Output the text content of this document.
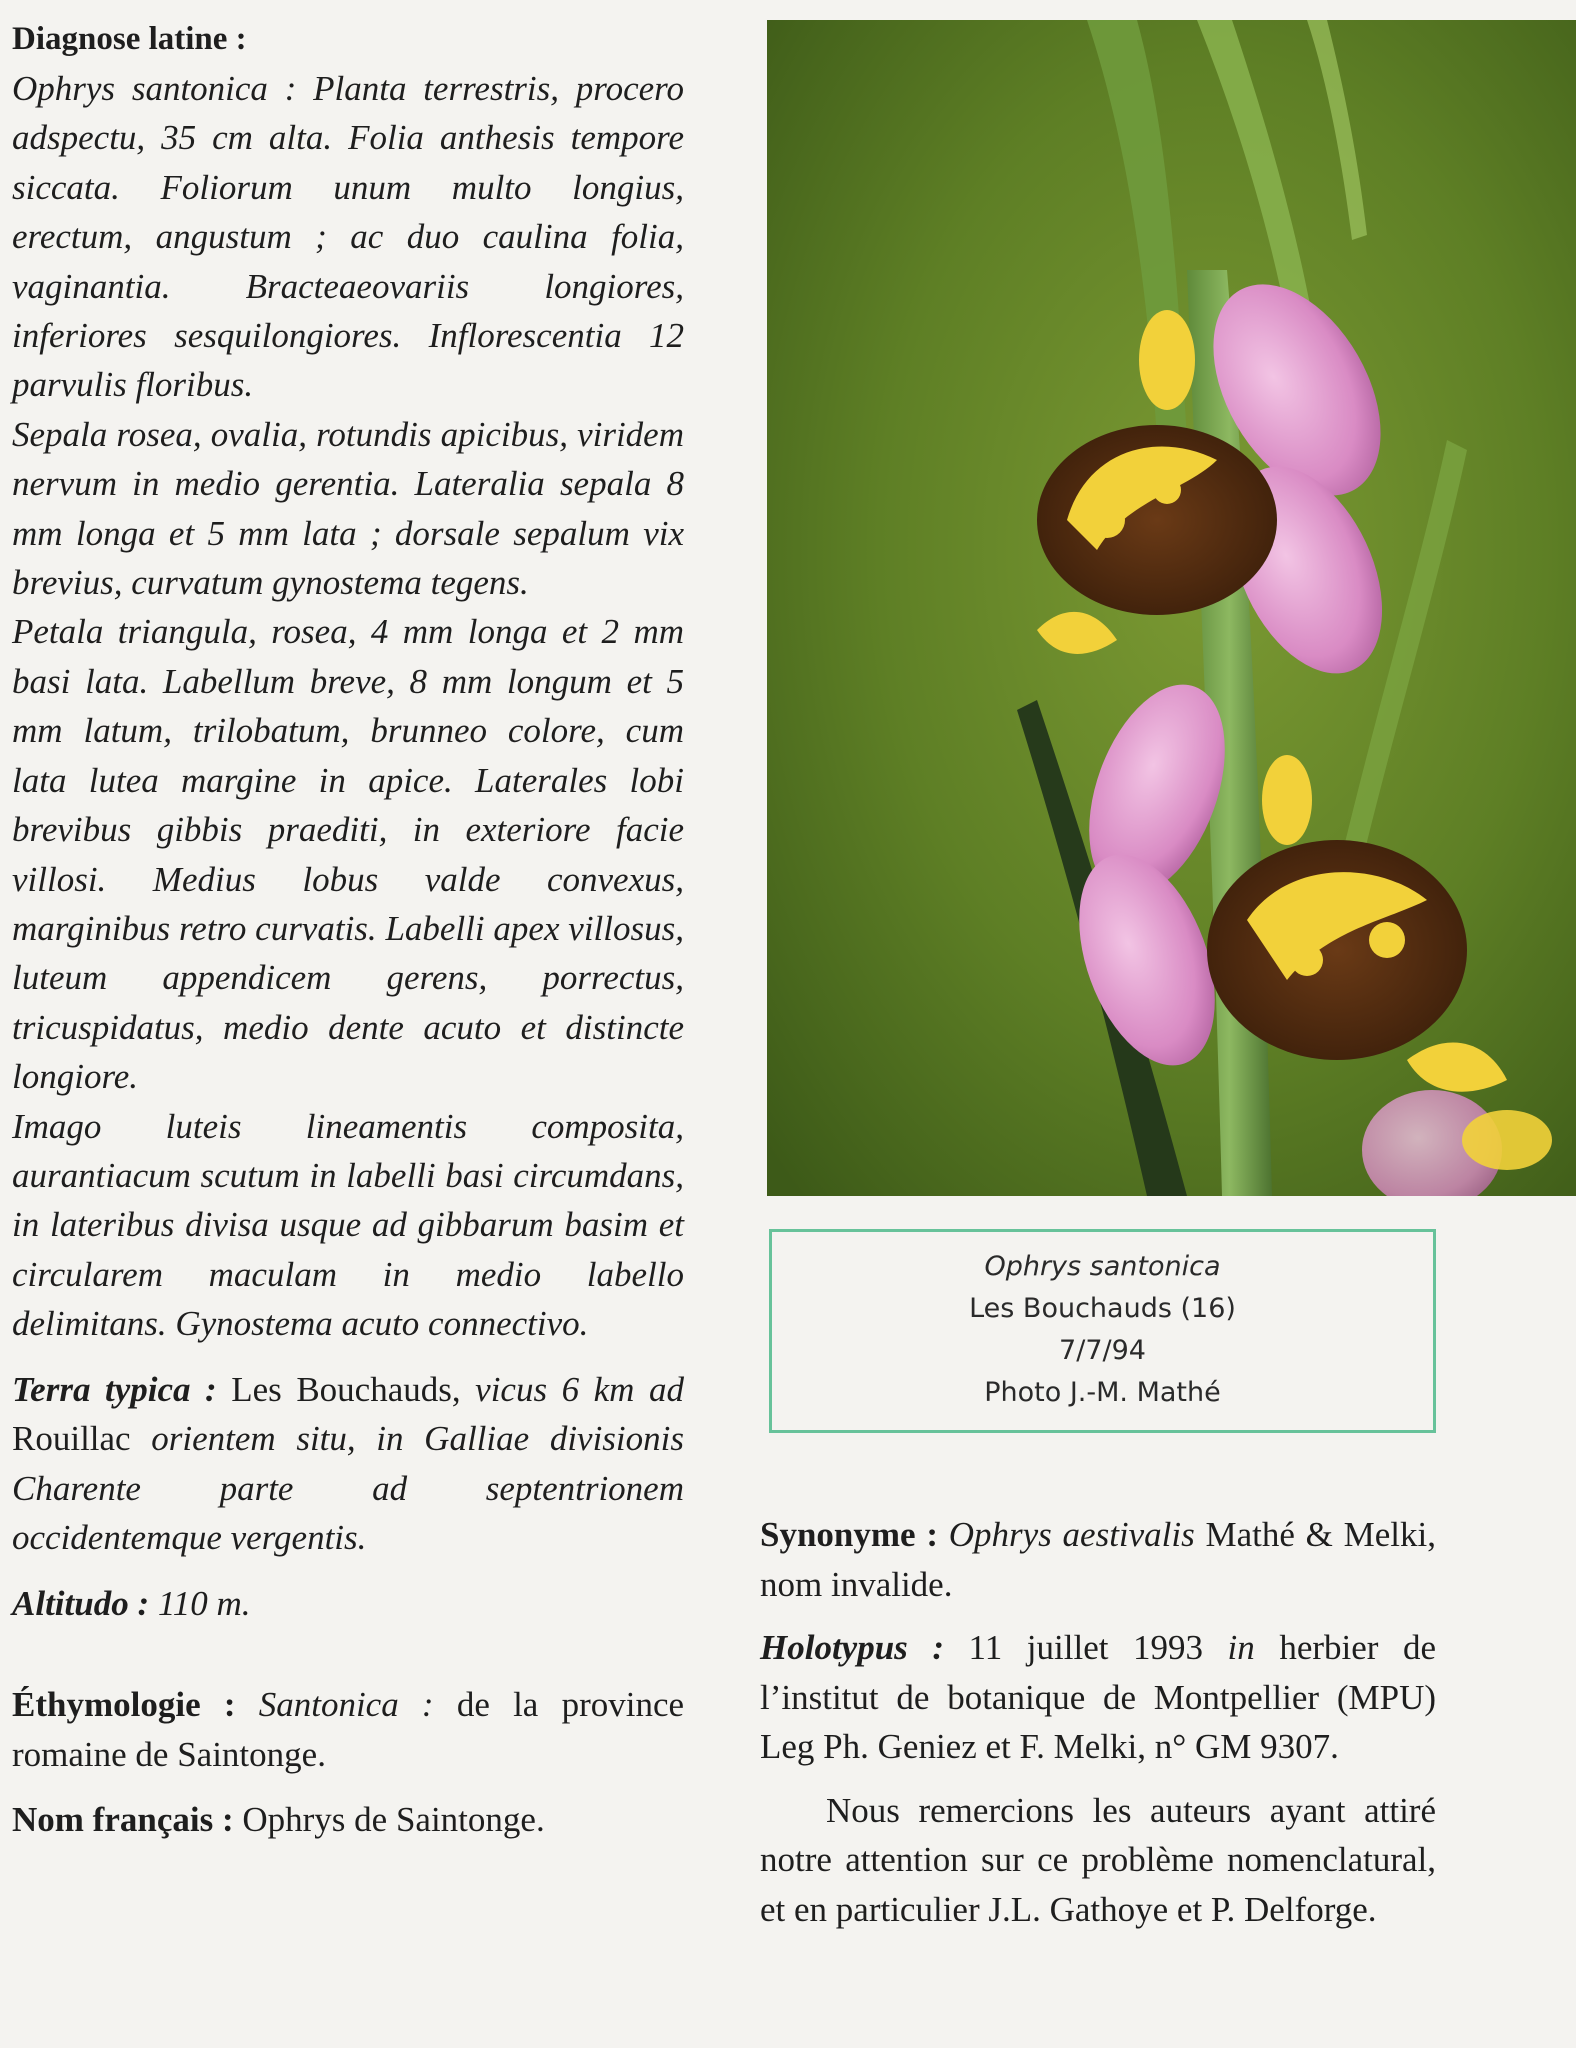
Diagnose latine :

Ophrys santonica : Planta terrestris, procero adspectu, 35 cm alta. Folia anthesis tempore siccata. Foliorum unum multo longius, erectum, angustum ; ac duo caulina folia, vaginantia. Bracteaeovariis longiores, inferiores sesquilongiores. Inflorescentia 12 parvulis floribus.

Sepala rosea, ovalia, rotundis apicibus, viridem nervum in medio gerentia. Lateralia sepala 8 mm longa et 5 mm lata ; dorsale sepalum vix brevius, curvatum gynostema tegens.

Petala triangula, rosea, 4 mm longa et 2 mm basi lata. Labellum breve, 8 mm longum et 5 mm latum, trilobatum, brunneo colore, cum lata lutea margine in apice. Laterales lobi brevibus gibbis praediti, in exteriore facie villosi. Medius lobus valde convexus, marginibus retro curvatis. Labelli apex villosus, luteum appendicem gerens, porrectus, tricuspidatus, medio dente acuto et distincte longiore.

Imago luteis lineamentis composita, aurantiacum scutum in labelli basi circumdans, in lateribus divisa usque ad gibbarum basim et circularem maculam in medio labello delimitans. Gynostema acuto connectivo.

Terra typica : Les Bouchauds, vicus 6 km ad Rouillac orientem situ, in Galliae divisionis Charente parte ad septentrionem occidentemque vergentis.

Altitudo : 110 m.

Éthymologie : Santonica : de la province romaine de Saintonge.

Nom français : Ophrys de Saintonge.

Ophrys santonica
Les Bouchauds (16)
7/7/94
Photo J.-M. Mathé

Synonyme : Ophrys aestivalis Mathé & Melki, nom invalide.

Holotypus : 11 juillet 1993 in herbier de l’institut de botanique de Montpellier (MPU) Leg Ph. Geniez et F. Melki, n° GM 9307.

Nous remercions les auteurs ayant attiré notre attention sur ce problème nomenclatural, et en particulier J.L. Gathoye et P. Delforge.
